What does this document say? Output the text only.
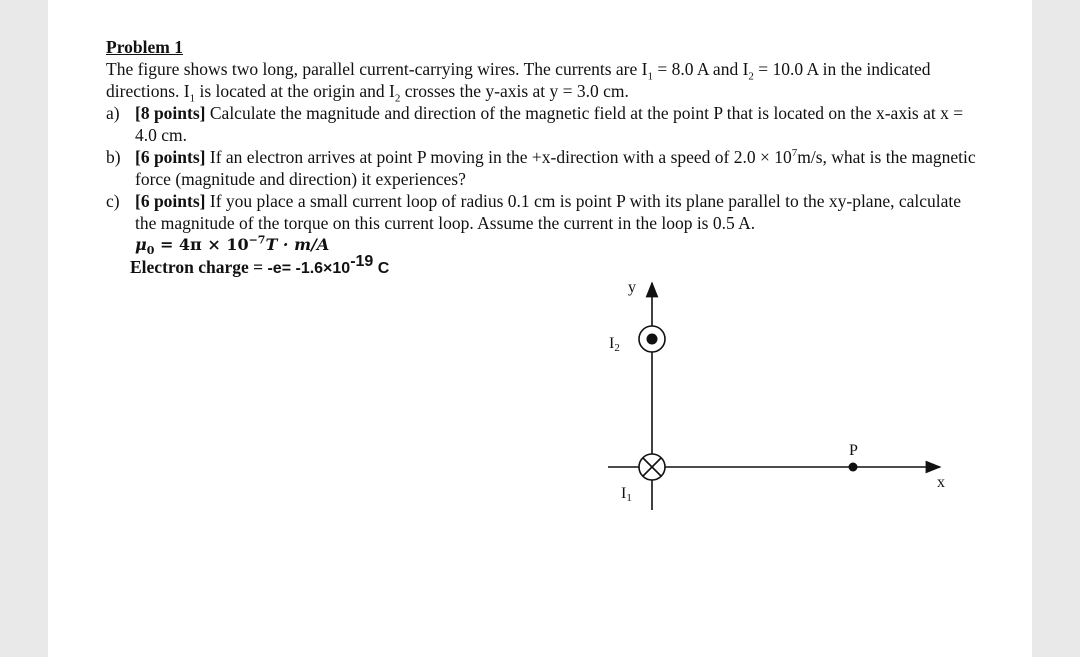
Problem 1
The figure shows two long, parallel current-carrying wires. The currents are $I_1 = 8.0$ A and $I_2 = 10.0$ A in the indicated directions. $I_1$ is located at the origin and $I_2$ crosses the y-axis at y = 3.0 cm.
a) [8 points] Calculate the magnitude and direction of the magnetic field at the point P that is located on the x-axis at x = 4.0 cm.
b) [6 points] If an electron arrives at point P moving in the +x-direction with a speed of $2.0 \times 10^7m/s$, what is the magnetic force (magnitude and direction) it experiences?
c) [6 points] If you place a small current loop of radius 0.1 cm is point P with its plane parallel to the xy-plane, calculate the magnitude of the torque on this current loop. Assume the current in the loop is 0.5 A.
$\mu_0 = 4\pi \times 10^{-7}T \cdot m/A$
Electron charge = $-e= -1.6\times 10^{-19}$ C
y
x
P
I2
I1
